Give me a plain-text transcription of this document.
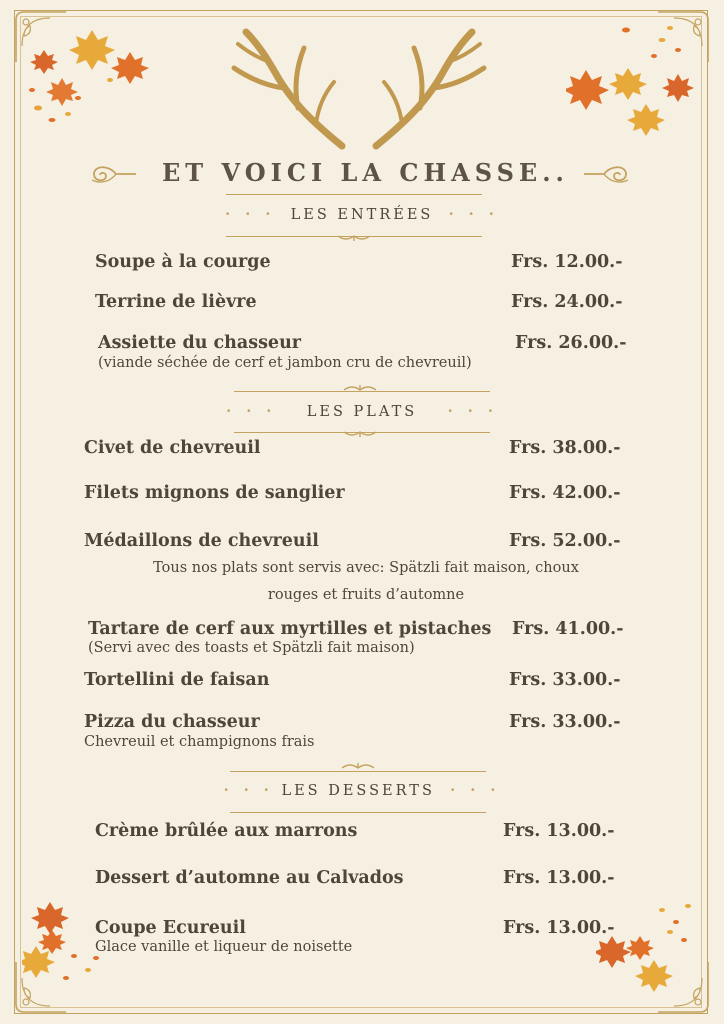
ET VOICI LA CHASSE..
· · · LES ENTRÉES · · ·
Soupe à la courge	Frs. 12.00.-
Terrine de lièvre	Frs. 24.00.-
Assiette du chasseur	Frs. 26.00.-
(viande séchée de cerf et jambon cru de chevreuil)
· · · LES PLATS · · ·
Civet de chevreuil	Frs. 38.00.-
Filets mignons de sanglier	Frs. 42.00.-
Médaillons de chevreuil	Frs. 52.00.-
Tous nos plats sont servis avec: Spätzli fait maison, choux
rouges et fruits d’automne
Tartare de cerf aux myrtilles et pistaches Frs. 41.00.-
(Servi avec des toasts et Spätzli fait maison)
Tortellini de faisan	Frs. 33.00.-
Pizza du chasseur	Frs. 33.00.-
Chevreuil et champignons frais
· · · LES DESSERTS · · ·
Crème brûlée aux marrons	Frs. 13.00.-
Dessert d’automne au Calvados	Frs. 13.00.-
Coupe Ecureuil	Frs. 13.00.-
Glace vanille et liqueur de noisette
